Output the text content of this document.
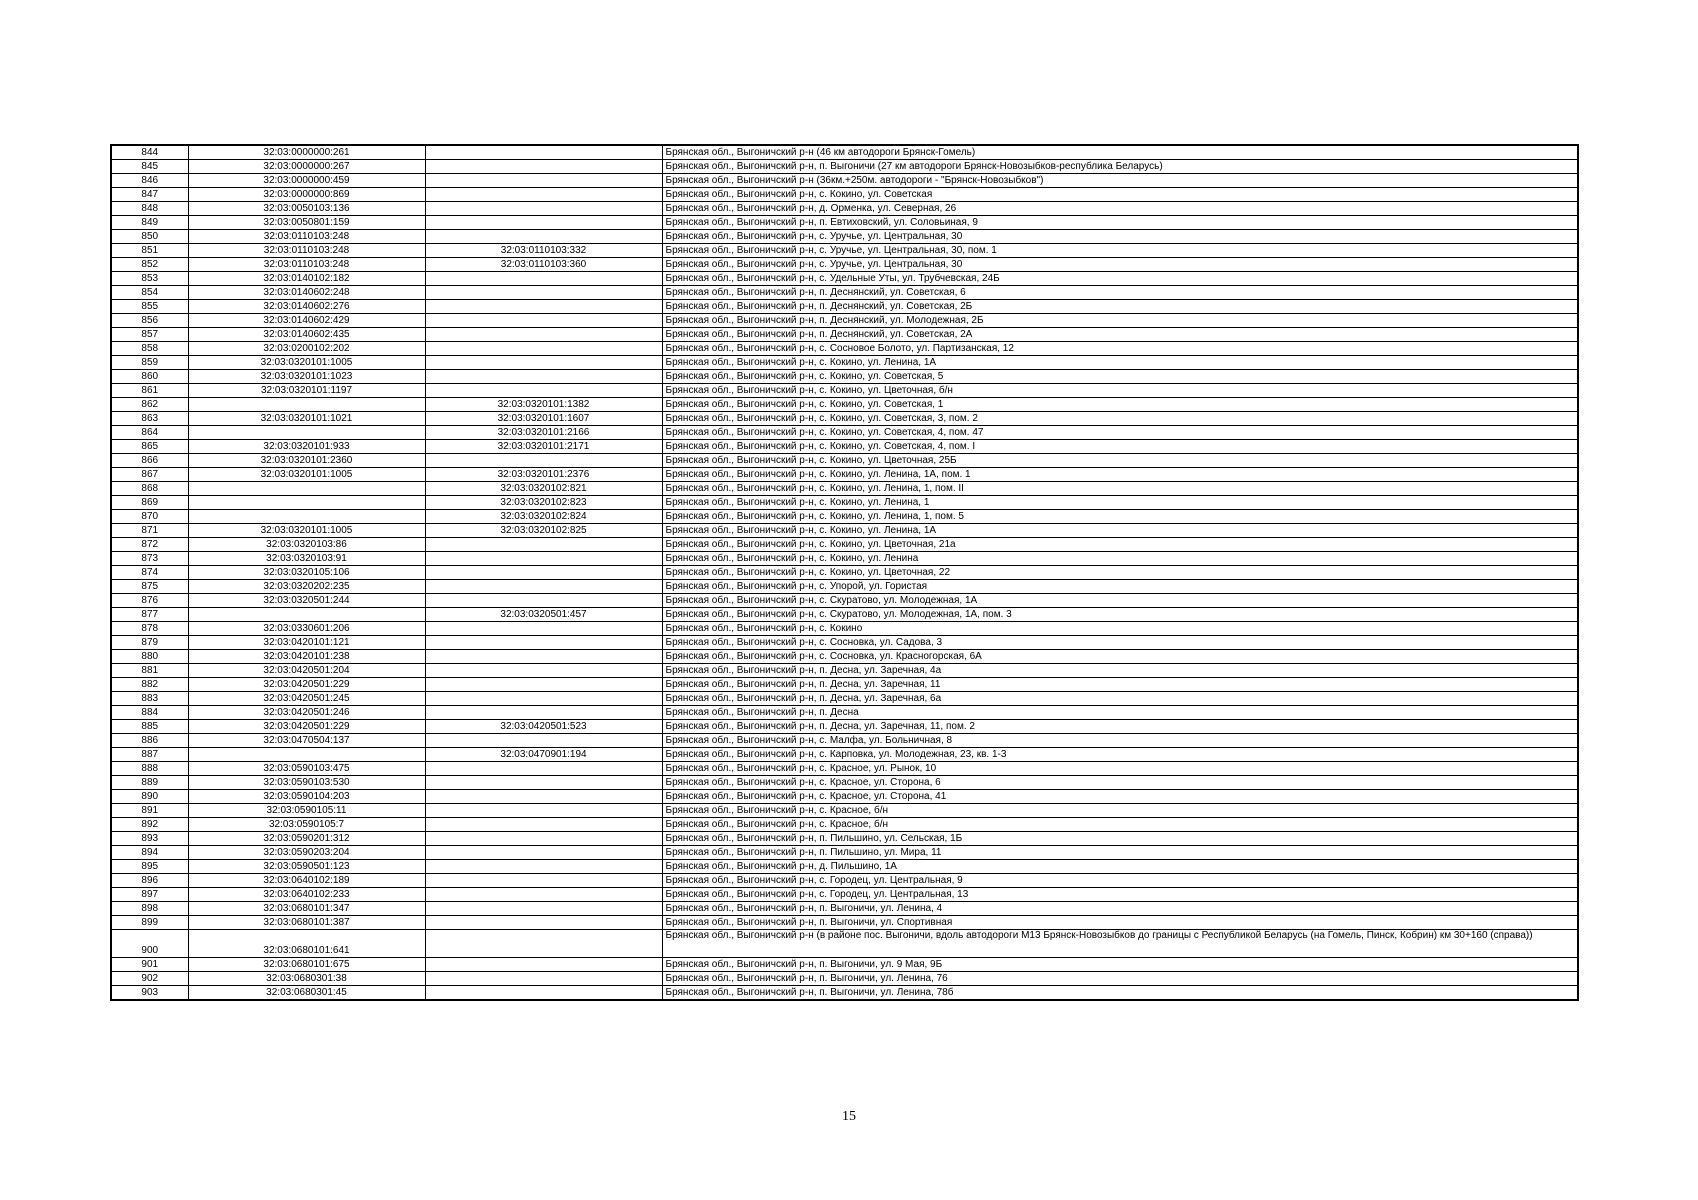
844	32:03:0000000:261		Брянская обл., Выгоничский р-н (46 км автодороги Брянск-Гомель)
845	32:03:0000000:267		Брянская обл., Выгоничский р-н, п. Выгоничи (27 км автодороги Брянск-Новозыбков-республика Беларусь)
846	32:03:0000000:459		Брянская обл., Выгоничский р-н (36км.+250м. автодороги - "Брянск-Новозыбков")
847	32:03:0000000:869		Брянская обл., Выгоничский р-н, с. Кокино, ул. Советская
848	32:03:0050103:136		Брянская обл., Выгоничский р-н, д. Орменка, ул. Северная, 26
849	32:03:0050801:159		Брянская обл., Выгоничский р-н, п. Евтиховский, ул. Соловьиная, 9
850	32:03:0110103:248		Брянская обл., Выгоничский р-н, с. Уручье, ул. Центральная, 30
851	32:03:0110103:248	32:03:0110103:332	Брянская обл., Выгоничский р-н, с. Уручье, ул. Центральная, 30, пом. 1
852	32:03:0110103:248	32:03:0110103:360	Брянская обл., Выгоничский р-н, с. Уручье, ул. Центральная, 30
853	32:03:0140102:182		Брянская обл., Выгоничский р-н, с. Удельные Уты, ул. Трубчевская, 24Б
854	32:03:0140602:248		Брянская обл., Выгоничский р-н, п. Деснянский, ул. Советская, 6
855	32:03:0140602:276		Брянская обл., Выгоничский р-н, п. Деснянский, ул. Советская, 2Б
856	32:03:0140602:429		Брянская обл., Выгоничский р-н, п. Деснянский, ул. Молодежная, 2Б
857	32:03:0140602:435		Брянская обл., Выгоничский р-н, п. Деснянский, ул. Советская, 2А
858	32:03:0200102:202		Брянская обл., Выгоничский р-н, с. Сосновое Болото, ул. Партизанская, 12
859	32:03:0320101:1005		Брянская обл., Выгоничский р-н, с. Кокино, ул. Ленина, 1А
860	32:03:0320101:1023		Брянская обл., Выгоничский р-н, с. Кокино, ул. Советская, 5
861	32:03:0320101:1197		Брянская обл., Выгоничский р-н, с. Кокино, ул. Цветочная, б/н
862		32:03:0320101:1382	Брянская обл., Выгоничский р-н, с. Кокино, ул. Советская, 1
863	32:03:0320101:1021	32:03:0320101:1607	Брянская обл., Выгоничский р-н, с. Кокино, ул. Советская, 3, пом. 2
864		32:03:0320101:2166	Брянская обл., Выгоничский р-н, с. Кокино, ул. Советская, 4, пом. 47
865	32:03:0320101:933	32:03:0320101:2171	Брянская обл., Выгоничский р-н, с. Кокино, ул. Советская, 4, пом. I
866	32:03:0320101:2360		Брянская обл., Выгоничский р-н, с. Кокино, ул. Цветочная, 25Б
867	32:03:0320101:1005	32:03:0320101:2376	Брянская обл., Выгоничский р-н, с. Кокино, ул. Ленина, 1А, пом. 1
868		32:03:0320102:821	Брянская обл., Выгоничский р-н, с. Кокино, ул. Ленина, 1, пом. II
869		32:03:0320102:823	Брянская обл., Выгоничский р-н, с. Кокино, ул. Ленина, 1
870		32:03:0320102:824	Брянская обл., Выгоничский р-н, с. Кокино, ул. Ленина, 1, пом. 5
871	32:03:0320101:1005	32:03:0320102:825	Брянская обл., Выгоничский р-н, с. Кокино, ул. Ленина, 1А
872	32:03:0320103:86		Брянская обл., Выгоничский р-н, с. Кокино, ул. Цветочная, 21а
873	32:03:0320103:91		Брянская обл., Выгоничский р-н, с. Кокино, ул. Ленина
874	32:03:0320105:106		Брянская обл., Выгоничский р-н, с. Кокино, ул. Цветочная, 22
875	32:03:0320202:235		Брянская обл., Выгоничский р-н, с. Упорой, ул. Гористая
876	32:03:0320501:244		Брянская обл., Выгоничский р-н, с. Скуратово, ул. Молодежная, 1А
877		32:03:0320501:457	Брянская обл., Выгоничский р-н, с. Скуратово, ул. Молодежная, 1А, пом. 3
878	32:03:0330601:206		Брянская обл., Выгоничский р-н, с. Кокино
879	32:03:0420101:121		Брянская обл., Выгоничский р-н, с. Сосновка, ул. Садова, 3
880	32:03:0420101:238		Брянская обл., Выгоничский р-н, с. Сосновка, ул. Красногорская, 6А
881	32:03:0420501:204		Брянская обл., Выгоничский р-н, п. Десна, ул. Заречная, 4а
882	32:03:0420501:229		Брянская обл., Выгоничский р-н, п. Десна, ул. Заречная, 11
883	32:03:0420501:245		Брянская обл., Выгоничский р-н, п. Десна, ул. Заречная, 6а
884	32:03:0420501:246		Брянская обл., Выгоничский р-н, п. Десна
885	32:03:0420501:229	32:03:0420501:523	Брянская обл., Выгоничский р-н, п. Десна, ул. Заречная, 11, пом. 2
886	32:03:0470504:137		Брянская обл., Выгоничский р-н, с. Малфа, ул. Больничная, 8
887		32:03:0470901:194	Брянская обл., Выгоничский р-н, с. Карповка, ул. Молодежная, 23, кв. 1-3
888	32:03:0590103:475		Брянская обл., Выгоничский р-н, с. Красное, ул. Рынок, 10
889	32:03:0590103:530		Брянская обл., Выгоничский р-н, с. Красное, ул. Сторона, 6
890	32:03:0590104:203		Брянская обл., Выгоничский р-н, с. Красное, ул. Сторона, 41
891	32:03:0590105:11		Брянская обл., Выгоничский р-н, с. Красное, б/н
892	32:03:0590105:7		Брянская обл., Выгоничский р-н, с. Красное, б/н
893	32:03:0590201:312		Брянская обл., Выгоничский р-н, п. Пильшино, ул. Сельская, 1Б
894	32:03:0590203:204		Брянская обл., Выгоничский р-н, п. Пильшино, ул. Мира, 11
895	32:03:0590501:123		Брянская обл., Выгоничский р-н, д. Пильшино, 1А
896	32:03:0640102:189		Брянская обл., Выгоничский р-н, с. Городец, ул. Центральная, 9
897	32:03:0640102:233		Брянская обл., Выгоничский р-н, с. Городец, ул. Центральная, 13
898	32:03:0680101:347		Брянская обл., Выгоничский р-н, п. Выгоничи, ул. Ленина, 4
899	32:03:0680101:387		Брянская обл., Выгоничский р-н, п. Выгоничи, ул. Спортивная
900	32:03:0680101:641		Брянская обл., Выгоничский р-н (в районе пос. Выгоничи, вдоль автодороги М13 Брянск-Новозыбков до границы с Республикой Беларусь (на Гомель, Пинск, Кобрин) км 30+160 (справа))
901	32:03:0680101:675		Брянская обл., Выгоничский р-н, п. Выгоничи, ул. 9 Мая, 9Б
902	32:03:0680301:38		Брянская обл., Выгоничский р-н, п. Выгоничи, ул. Ленина, 76
903	32:03:0680301:45		Брянская обл., Выгоничский р-н, п. Выгоничи, ул. Ленина, 78б
15
